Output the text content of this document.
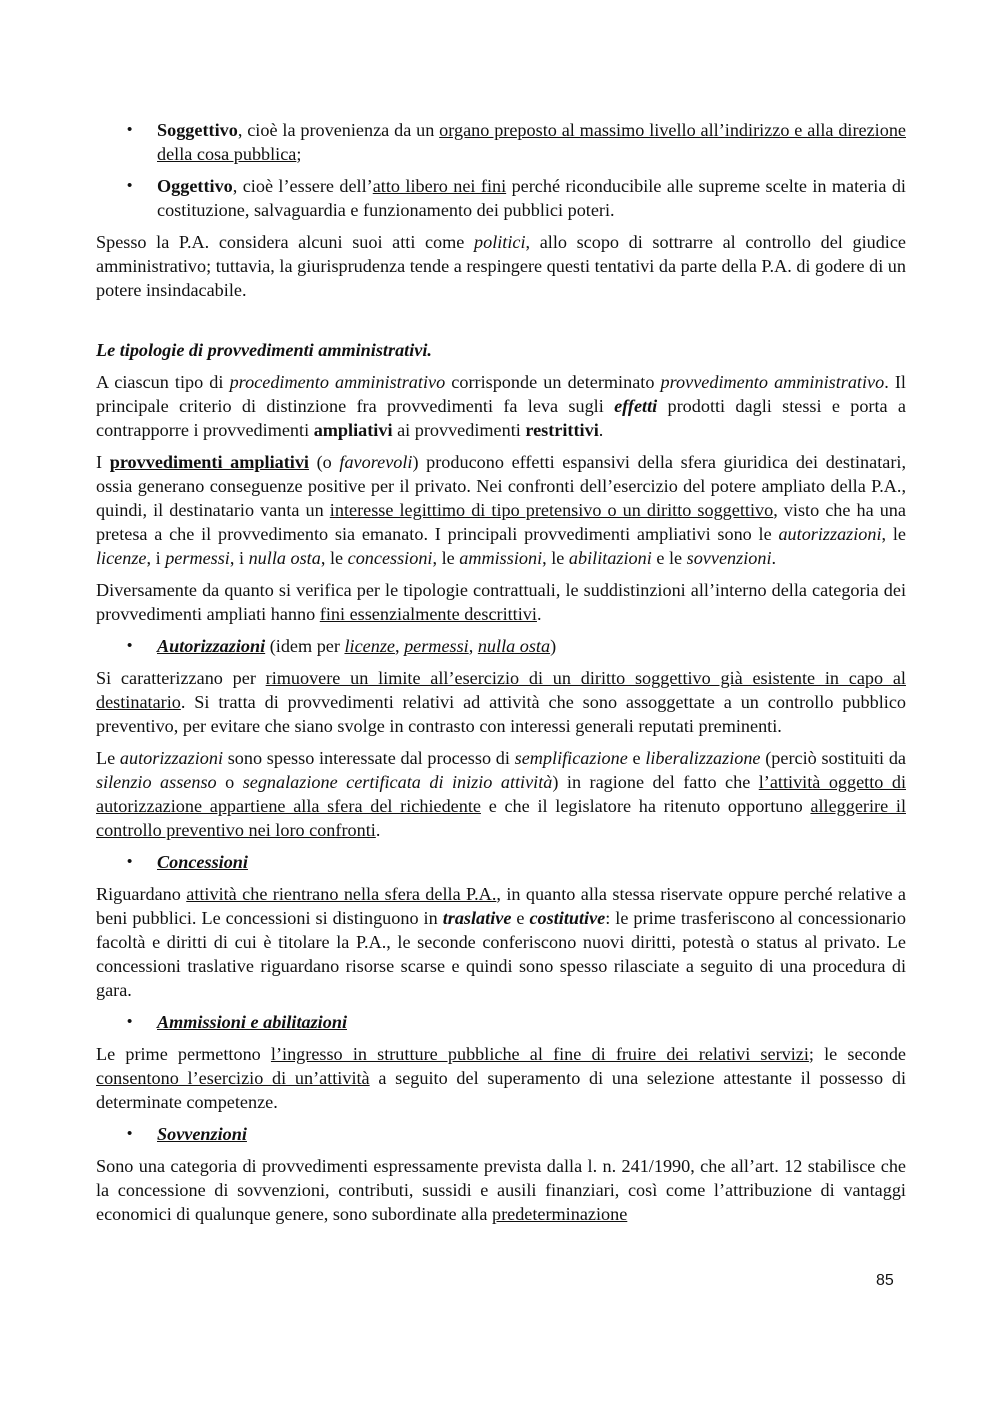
•	Soggettivo, cioè la provenienza da un organo preposto al massimo livello all’indirizzo e alla direzione della cosa pubblica;
•	Oggettivo, cioè l’essere dell’atto libero nei fini perché riconducibile alle supreme scelte in materia di costituzione, salvaguardia e funzionamento dei pubblici poteri.

Spesso la P.A. considera alcuni suoi atti come politici, allo scopo di sottrarre al controllo del giudice amministrativo; tuttavia, la giurisprudenza tende a respingere questi tentativi da parte della P.A. di godere di un potere insindacabile.

Le tipologie di provvedimenti amministrativi.

A ciascun tipo di procedimento amministrativo corrisponde un determinato provvedimento amministrativo. Il principale criterio di distinzione fra provvedimenti fa leva sugli effetti prodotti dagli stessi e porta a contrapporre i provvedimenti ampliativi ai provvedimenti restrittivi.

I provvedimenti ampliativi (o favorevoli) producono effetti espansivi della sfera giuridica dei destinatari, ossia generano conseguenze positive per il privato. Nei confronti dell’esercizio del potere ampliato della P.A., quindi, il destinatario vanta un interesse legittimo di tipo pretensivo o un diritto soggettivo, visto che ha una pretesa a che il provvedimento sia emanato. I principali provvedimenti ampliativi sono le autorizzazioni, le licenze, i permessi, i nulla osta, le concessioni, le ammissioni, le abilitazioni e le sovvenzioni.

Diversamente da quanto si verifica per le tipologie contrattuali, le suddistinzioni all’interno della categoria dei provvedimenti ampliati hanno fini essenzialmente descrittivi.

•	Autorizzazioni (idem per licenze, permessi, nulla osta)

Si caratterizzano per rimuovere un limite all’esercizio di un diritto soggettivo già esistente in capo al destinatario. Si tratta di provvedimenti relativi ad attività che sono assoggettate a un controllo pubblico preventivo, per evitare che siano svolge in contrasto con interessi generali reputati preminenti.

Le autorizzazioni sono spesso interessate dal processo di semplificazione e liberalizzazione (perciò sostituiti da silenzio assenso o segnalazione certificata di inizio attività) in ragione del fatto che l’attività oggetto di autorizzazione appartiene alla sfera del richiedente e che il legislatore ha ritenuto opportuno alleggerire il controllo preventivo nei loro confronti.

•	Concessioni

Riguardano attività che rientrano nella sfera della P.A., in quanto alla stessa riservate oppure perché relative a beni pubblici. Le concessioni si distinguono in traslative e costitutive: le prime trasferiscono al concessionario facoltà e diritti di cui è titolare la P.A., le seconde conferiscono nuovi diritti, potestà o status al privato. Le concessioni traslative riguardano risorse scarse e quindi sono spesso rilasciate a seguito di una procedura di gara.

•	Ammissioni e abilitazioni

Le prime permettono l’ingresso in strutture pubbliche al fine di fruire dei relativi servizi; le seconde consentono l’esercizio di un’attività a seguito del superamento di una selezione attestante il possesso di determinate competenze.

•	Sovvenzioni

Sono una categoria di provvedimenti espressamente prevista dalla l. n. 241/1990, che all’art. 12 stabilisce che la concessione di sovvenzioni, contributi, sussidi e ausili finanziari, così come l’attribuzione di vantaggi economici di qualunque genere, sono subordinate alla predeterminazione

85
